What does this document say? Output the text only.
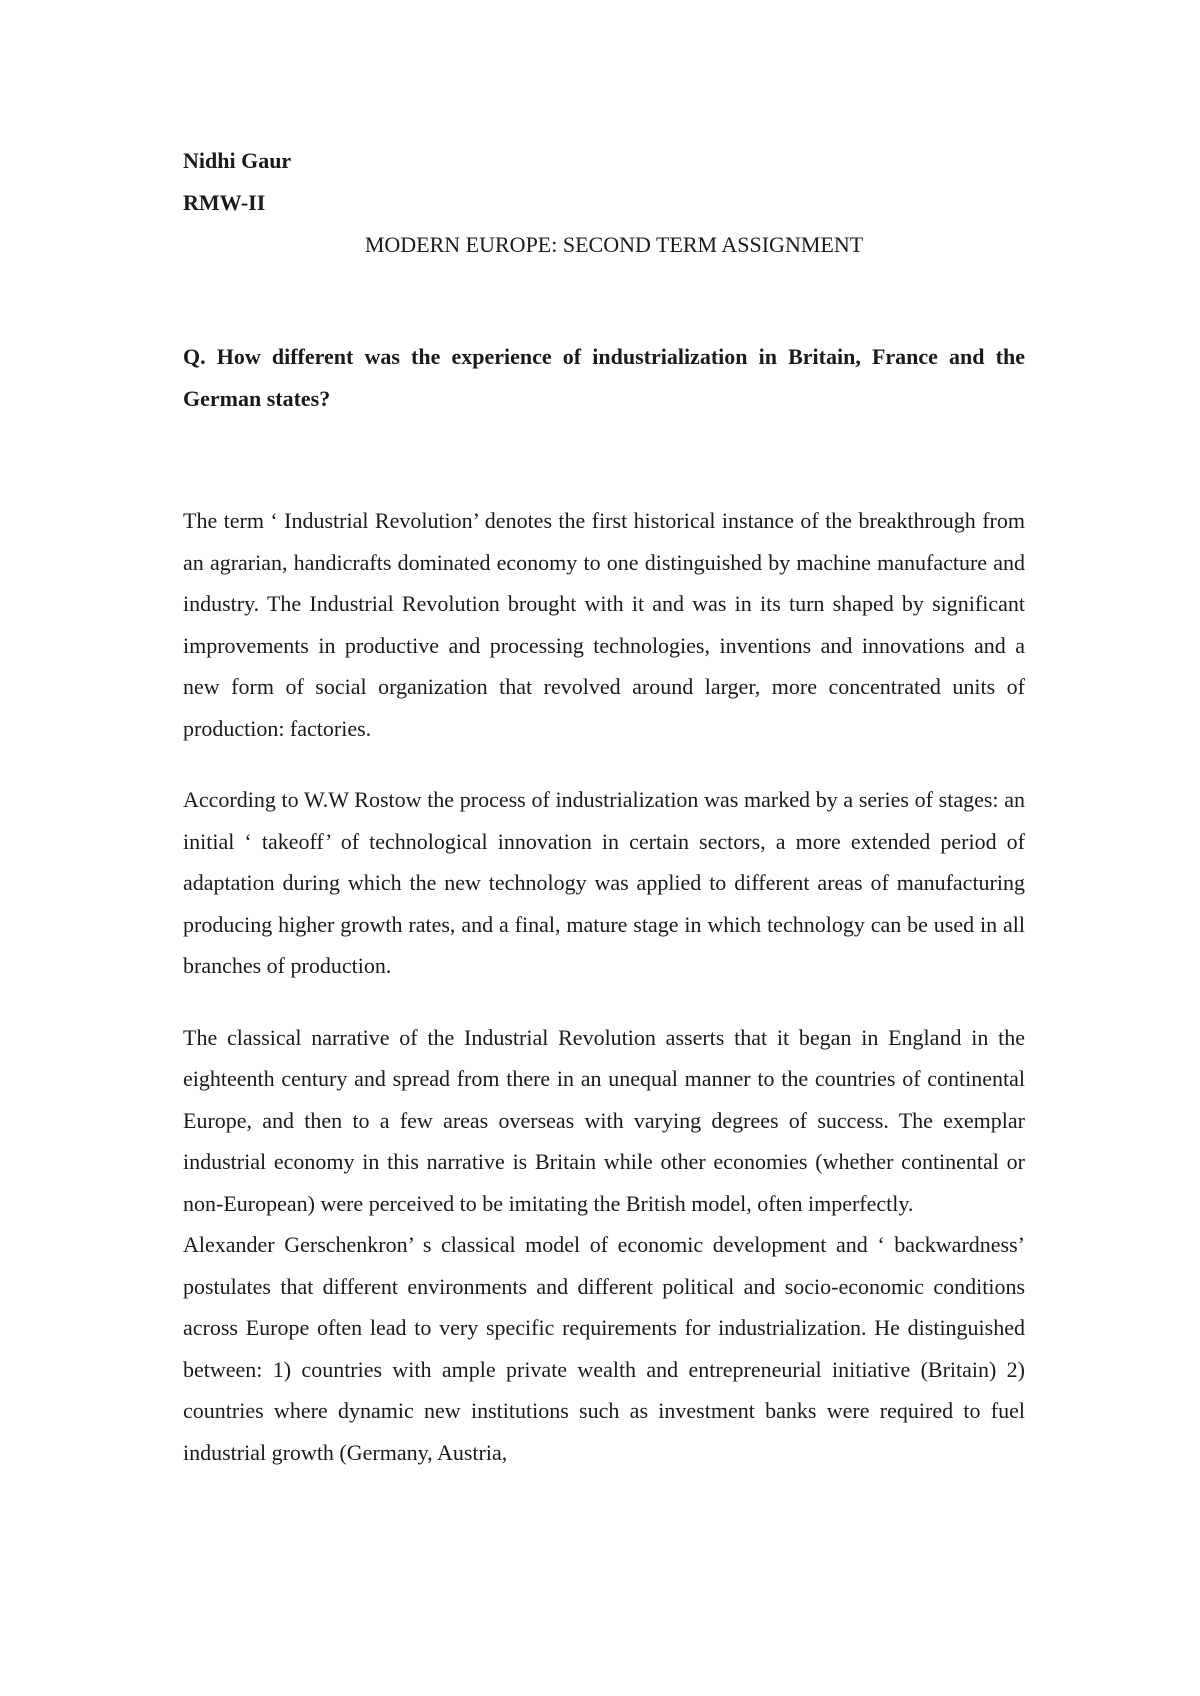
Nidhi Gaur

RMW-II

MODERN EUROPE: SECOND TERM ASSIGNMENT

Q. How different was the experience of industrialization in Britain, France and the German states?

The term ‘ Industrial Revolution’ denotes the first historical instance of the breakthrough from an agrarian, handicrafts dominated economy to one distinguished by machine manufacture and industry. The Industrial Revolution brought with it and was in its turn shaped by significant improvements in productive and processing technologies, inventions and innovations and a new form of social organization that revolved around larger, more concentrated units of production: factories.

According to W.W Rostow the process of industrialization was marked by a series of stages: an initial ‘ takeoff’ of technological innovation in certain sectors, a more extended period of adaptation during which the new technology was applied to different areas of manufacturing producing higher growth rates, and a final, mature stage in which technology can be used in all branches of production.

The classical narrative of the Industrial Revolution asserts that it began in England in the eighteenth century and spread from there in an unequal manner to the countries of continental Europe, and then to a few areas overseas with varying degrees of success. The exemplar industrial economy in this narrative is Britain while other economies (whether continental or non-European) were perceived to be imitating the British model, often imperfectly.

Alexander Gerschenkron’ s classical model of economic development and ‘ backwardness’ postulates that different environments and different political and socio-economic conditions across Europe often lead to very specific requirements for industrialization. He distinguished between: 1) countries with ample private wealth and entrepreneurial initiative (Britain) 2) countries where dynamic new institutions such as investment banks were required to fuel industrial growth (Germany, Austria,
